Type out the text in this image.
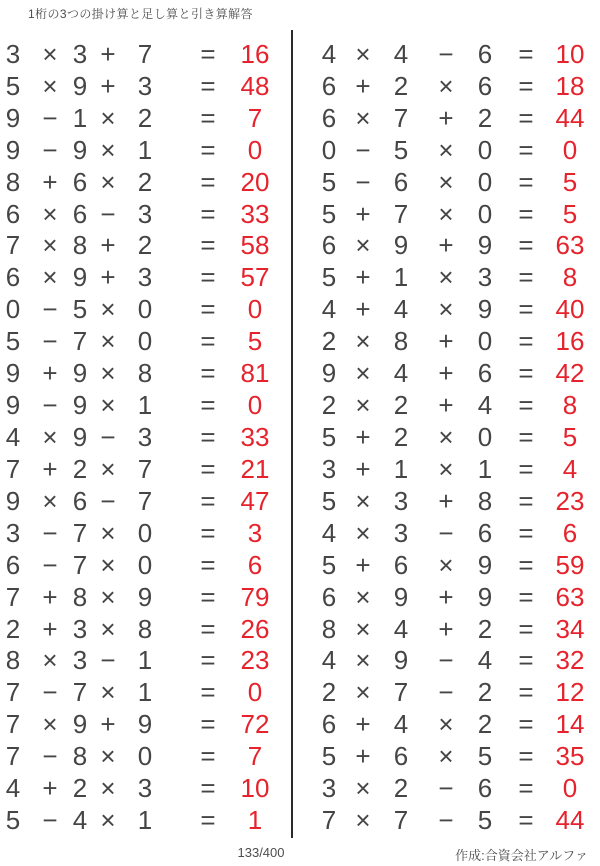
1桁の3つの掛け算と足し算と引き算解答
3 × 3 + 7 = 16
5 × 9 + 3 = 48
9 − 1 × 2 = 7
9 − 9 × 1 = 0
8 + 6 × 2 = 20
6 × 6 − 3 = 33
7 × 8 + 2 = 58
6 × 9 + 3 = 57
0 − 5 × 0 = 0
5 − 7 × 0 = 5
9 + 9 × 8 = 81
9 − 9 × 1 = 0
4 × 9 − 3 = 33
7 + 2 × 7 = 21
9 × 6 − 7 = 47
3 − 7 × 0 = 3
6 − 7 × 0 = 6
7 + 8 × 9 = 79
2 + 3 × 8 = 26
8 × 3 − 1 = 23
7 − 7 × 1 = 0
7 × 9 + 9 = 72
7 − 8 × 0 = 7
4 + 2 × 3 = 10
5 − 4 × 1 = 1
4 × 4 − 6 = 10
6 + 2 × 6 = 18
6 × 7 + 2 = 44
0 − 5 × 0 = 0
5 − 6 × 0 = 5
5 + 7 × 0 = 5
6 × 9 + 9 = 63
5 + 1 × 3 = 8
4 + 4 × 9 = 40
2 × 8 + 0 = 16
9 × 4 + 6 = 42
2 × 2 + 4 = 8
5 + 2 × 0 = 5
3 + 1 × 1 = 4
5 × 3 + 8 = 23
4 × 3 − 6 = 6
5 + 6 × 9 = 59
6 × 9 + 9 = 63
8 × 4 + 2 = 34
4 × 9 − 4 = 32
2 × 7 − 2 = 12
6 + 4 × 2 = 14
5 + 6 × 5 = 35
3 × 2 − 6 = 0
7 × 7 − 5 = 44
133/400	作成:合資会社アルファ
